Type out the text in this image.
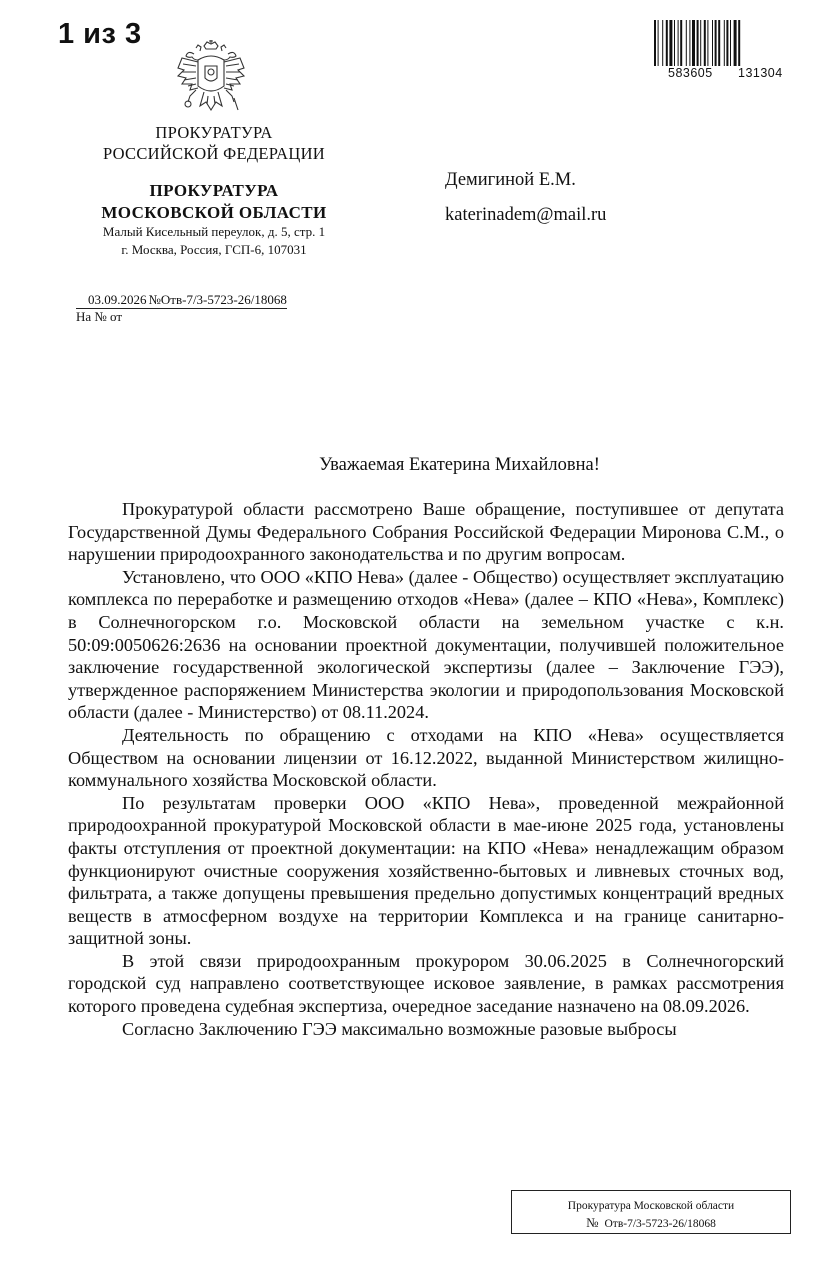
1 из 3
583605 131304
ПРОКУРАТУРА
РОССИЙСКОЙ ФЕДЕРАЦИИ
ПРОКУРАТУРА
МОСКОВСКОЙ ОБЛАСТИ
Малый Кисельный переулок, д. 5, стр. 1
г. Москва, Россия, ГСП-6, 107031
03.09.2026 №Отв-7/3-5723-26/18068
На № от
Демигиной Е.М.
katerinadem@mail.ru
Уважаемая Екатерина Михайловна!

Прокуратурой области рассмотрено Ваше обращение, поступившее от депутата Государственной Думы Федерального Собрания Российской Федерации Миронова С.М., о нарушении природоохранного законодательства и по другим вопросам.

Установлено, что ООО «КПО Нева» (далее - Общество) осуществляет эксплуатацию комплекса по переработке и размещению отходов «Нева» (далее – КПО «Нева», Комплекс) в Солнечногорском г.о. Московской области на земельном участке с к.н. 50:09:0050626:2636 на основании проектной документации, получившей положительное заключение государственной экологической экспертизы (далее – Заключение ГЭЭ), утвержденное распоряжением Министерства экологии и природопользования Московской области (далее - Министерство) от 08.11.2024.

Деятельность по обращению с отходами на КПО «Нева» осуществляется Обществом на основании лицензии от 16.12.2022, выданной Министерством жилищно-коммунального хозяйства Московской области.

По результатам проверки ООО «КПО Нева», проведенной межрайонной природоохранной прокуратурой Московской области в мае-июне 2025 года, установлены факты отступления от проектной документации: на КПО «Нева» ненадлежащим образом функционируют очистные сооружения хозяйственно-бытовых и ливневых сточных вод, фильтрата, а также допущены превышения предельно допустимых концентраций вредных веществ в атмосферном воздухе на территории Комплекса и на границе санитарно-защитной зоны.

В этой связи природоохранным прокурором 30.06.2025 в Солнечногорский городской суд направлено соответствующее исковое заявление, в рамках рассмотрения которого проведена судебная экспертиза, очередное заседание назначено на 08.09.2026.

Согласно Заключению ГЭЭ максимально возможные разовые выбросы

Прокуратура Московской области
№ Отв-7/3-5723-26/18068
